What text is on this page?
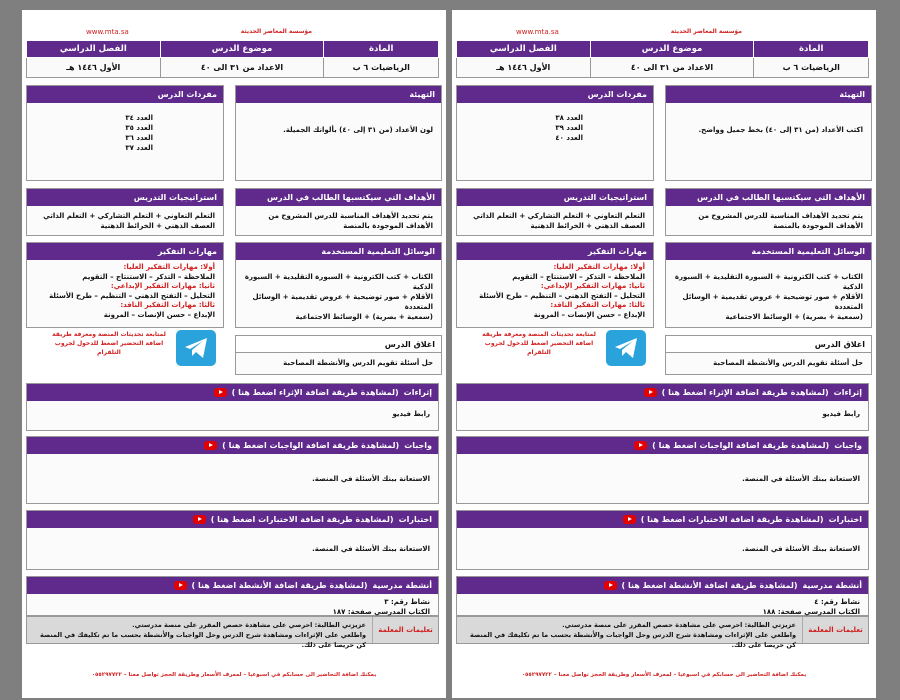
www.mta.sa	مؤسسة المعاصر الحديثة
المادة	موضوع الدرس	الفصل الدراسي
الرياضيات ٦ ب	الاعداد من ٣١ الى ٤٠	الأول ١٤٤٦ هـ
التهيئة
لون الأعداد (من ٣١ إلى ٤٠) بألوانك الجميلة.
مفردات الدرس
العدد ٣٤
العدد ٣٥
العدد ٣٦
العدد ٣٧
الأهداف التي سيكتسبها الطالب في الدرس
يتم تحديد الأهداف المناسبة للدرس المشروح من الأهداف الموجودة بالمنصة
استراتيجيات التدريس
التعلم التعاوني + التعلم التشاركي + التعلم الذاتي
العصف الذهني + الخرائط الذهنية
الوسائل التعليمية المستخدمة
الكتاب + كتب الكترونية + السبورة التقليدية + السبورة الذكية
الأقلام + صور توضيحية + عروض تقديمية + الوسائل المتعددة
(سمعية + بصرية) + الوسائط الاجتماعية
مهارات التفكير
أولا: مهارات التفكير العليا:
الملاحظة – التذكر – الاستنتاج – التقويم
ثانيا: مهارات التفكير الإبداعي:
التحليل – التفتح الذهني – التنظيم – طرح الأسئلة
ثالثا: مهارات التفكير الناقد:
الإبداع – حسن الإنصات – المرونة
اغلاق الدرس
حل أسئلة تقويم الدرس والأنشطة المصاحبة
لمتابعة تحديثات المنصة ومعرفة طريقة اضافة التحضير اضغط للدخول لجروب التلقرام
إثراءات
(لمشاهدة طريقة اضافة الإثراء اضغط هنا )
رابط فيديو
واجبات
(لمشاهدة طريقة اضافة الواجبات اضغط هنا )
الاستعانة ببنك الأسئلة في المنصة.
اختبارات
(لمشاهدة طريقة اضافة الاختبارات اضغط هنا )
الاستعانة ببنك الأسئلة في المنصة.
أنشطة مدرسية
(لمشاهدة طريقة اضافة الأنشطة اضغط هنا )
نشاط رقم: ٣
الكتاب المدرسي صفحة: ١٨٧
تعليمات المعلمة
عزيزتي الطالبة: احرصي على مشاهدة حصص المقرر على منصة مدرستي.
واطلعي على الإثراءات ومشاهدة شرح الدرس وحل الواجبات والأنشطة بحسب ما تم تكليفك في المنصة كن حريصا على ذلك.
يمكنك اضافة التحاضير الى حسابكم في اسبوعيا – لمعرف الأسعار وطريقة الحجز تواصل معنا – ٠٥٥٢٩٧٧٢٢
www.mta.sa	مؤسسة المعاصر الحديثة
المادة	موضوع الدرس	الفصل الدراسي
الرياضيات ٦ ب	الاعداد من ٣١ الى ٤٠	الأول ١٤٤٦ هـ
التهيئة
اكتب الأعداد (من ٣١ إلى ٤٠) بخط جميل وواضح.
مفردات الدرس
العدد ٣٨
العدد ٣٩
العدد ٤٠
الأهداف التي سيكتسبها الطالب في الدرس
يتم تحديد الأهداف المناسبة للدرس المشروح من الأهداف الموجودة بالمنصة
استراتيجيات التدريس
التعلم التعاوني + التعلم التشاركي + التعلم الذاتي
العصف الذهني + الخرائط الذهنية
الوسائل التعليمية المستخدمة
الكتاب + كتب الكترونية + السبورة التقليدية + السبورة الذكية
الأقلام + صور توضيحية + عروض تقديمية + الوسائل المتعددة
(سمعية + بصرية) + الوسائط الاجتماعية
مهارات التفكير
أولا: مهارات التفكير العليا:
الملاحظة – التذكر – الاستنتاج – التقويم
ثانيا: مهارات التفكير الإبداعي:
التحليل – التفتح الذهني – التنظيم – طرح الأسئلة
ثالثا: مهارات التفكير الناقد:
الإبداع – حسن الإنصات – المرونة
اغلاق الدرس
حل أسئلة تقويم الدرس والأنشطة المصاحبة
لمتابعة تحديثات المنصة ومعرفة طريقة اضافة التحضير اضغط للدخول لجروب التلقرام
إثراءات
(لمشاهدة طريقة اضافة الإثراء اضغط هنا )
رابط فيديو
واجبات
(لمشاهدة طريقة اضافة الواجبات اضغط هنا )
الاستعانة ببنك الأسئلة في المنصة.
اختبارات
(لمشاهدة طريقة اضافة الاختبارات اضغط هنا )
الاستعانة ببنك الأسئلة في المنصة.
أنشطة مدرسية
(لمشاهدة طريقة اضافة الأنشطة اضغط هنا )
نشاط رقم: ٤
الكتاب المدرسي صفحة: ١٨٨
تعليمات المعلمة
عزيزتي الطالبة: احرصي على مشاهدة حصص المقرر على منصة مدرستي.
واطلعي على الإثراءات ومشاهدة شرح الدرس وحل الواجبات والأنشطة بحسب ما تم تكليفك في المنصة كن حريصا على ذلك.
يمكنك اضافة التحاضير الى حسابكم في اسبوعيا – لمعرف الأسعار وطريقة الحجز تواصل معنا – ٠٥٥٢٩٧٧٢٢
